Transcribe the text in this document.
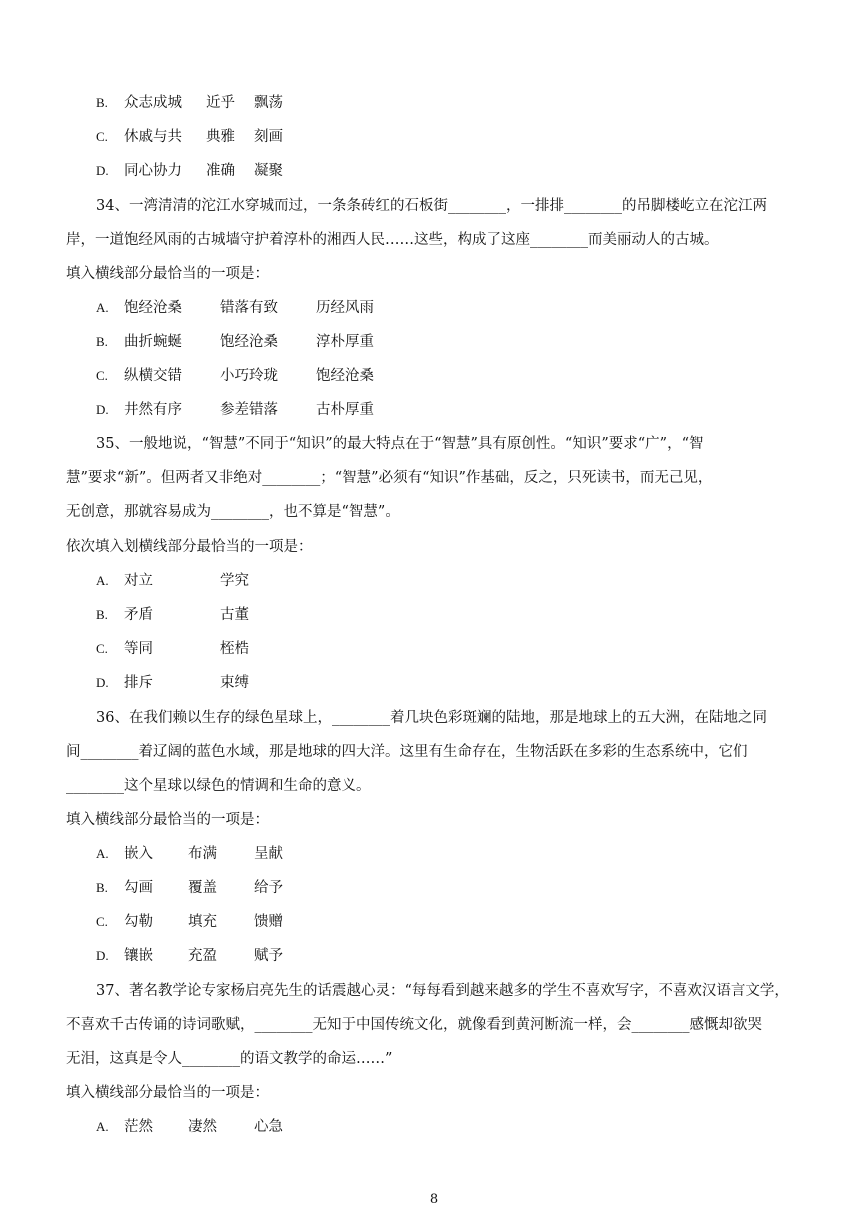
B.	众志成城 近乎 飘荡
C.	休戚与共 典雅 刻画
D.	同心协力 准确 凝聚
34、一湾清清的沱江水穿城而过，一条条砖红的石板街________，一排排________的吊脚楼屹立在沱江两
岸，一道饱经风雨的古城墙守护着淳朴的湘西人民……这些，构成了这座________而美丽动人的古城。
填入横线部分最恰当的一项是：
A.	饱经沧桑	错落有致	历经风雨
B.	曲折蜿蜒	饱经沧桑	淳朴厚重
C.	纵横交错	小巧玲珑	饱经沧桑
D.	井然有序	参差错落	古朴厚重
35、一般地说，“智慧”不同于“知识”的最大特点在于“智慧”具有原创性。“知识”要求“广”，“智
慧”要求“新”。但两者又非绝对________；“智慧”必须有“知识”作基础，反之，只死读书，而无己见，
无创意，那就容易成为________，也不算是“智慧”。
依次填入划横线部分最恰当的一项是：
A.	对立	学究
B.	矛盾	古董
C.	等同	桎梏
D.	排斥	束缚
36、在我们赖以生存的绿色星球上，________着几块色彩斑斓的陆地，那是地球上的五大洲，在陆地之同
间________着辽阔的蓝色水域，那是地球的四大洋。这里有生命存在，生物活跃在多彩的生态系统中，它们
________这个星球以绿色的情调和生命的意义。
填入横线部分最恰当的一项是：
A.	嵌入 布满	呈献
B.	勾画 覆盖	给予
C.	勾勒 填充	馈赠
D.	镶嵌 充盈	赋予
37、著名教学论专家杨启亮先生的话震越心灵：“每每看到越来越多的学生不喜欢写字，不喜欢汉语言文学，
不喜欢千古传诵的诗词歌赋，________无知于中国传统文化，就像看到黄河断流一样，会________感慨却欲哭
无泪，这真是令人________的语文教学的命运……”
填入横线部分最恰当的一项是：
A.	茫然 凄然	心急
8
